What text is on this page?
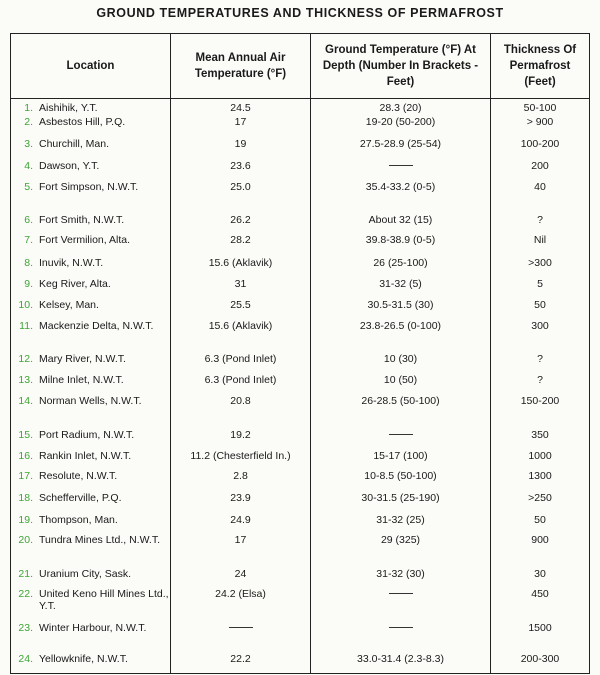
GROUND TEMPERATURES AND THICKNESS OF PERMAFROST
Location	Mean Annual Air Temperature (°F)	Ground Temperature (°F) At Depth (Number In Brackets - Feet)	Thickness Of Permafrost (Feet)

1. Aishihik, Y.T.	24.5	28.3 (20)	50-100

2. Asbestos Hill, P.Q.	17	19-20 (50-200)	> 900

3. Churchill, Man.	19	27.5-28.9 (25-54)	100-200

4. Dawson, Y.T.	23.6		200

5. Fort Simpson, N.W.T.	25.0	35.4-33.2 (0-5)	40

6. Fort Smith, N.W.T.	26.2	About 32 (15)	?

7. Fort Vermilion, Alta.	28.2	39.8-38.9 (0-5)	Nil

8. Inuvik, N.W.T.	15.6 (Aklavik)	26 (25-100)	>300

9. Keg River, Alta.	31	31-32 (5)	5

10. Kelsey, Man.	25.5	30.5-31.5 (30)	50

11. Mackenzie Delta, N.W.T.	15.6 (Aklavik)	23.8-26.5 (0-100)	300

12. Mary River, N.W.T.	6.3 (Pond Inlet)	10 (30)	?

13. Milne Inlet, N.W.T.	6.3 (Pond Inlet)	10 (50)	?

14. Norman Wells, N.W.T.	20.8	26-28.5 (50-100)	150-200

15. Port Radium, N.W.T.	19.2		350

16. Rankin Inlet, N.W.T.	11.2 (Chesterfield In.)	15-17 (100)	1000

17. Resolute, N.W.T.	2.8	10-8.5 (50-100)	1300

18. Schefferville, P.Q.	23.9	30-31.5 (25-190)	>250

19. Thompson, Man.	24.9	31-32 (25)	50

20. Tundra Mines Ltd., N.W.T.	17	29 (325)	900

21. Uranium City, Sask.	24	31-32 (30)	30

22. United Keno Hill Mines Ltd., Y.T.	24.2 (Elsa)		450

23. Winter Harbour, N.W.T.			1500

24. Yellowknife, N.W.T.	22.2	33.0-31.4 (2.3-8.3)	200-300
